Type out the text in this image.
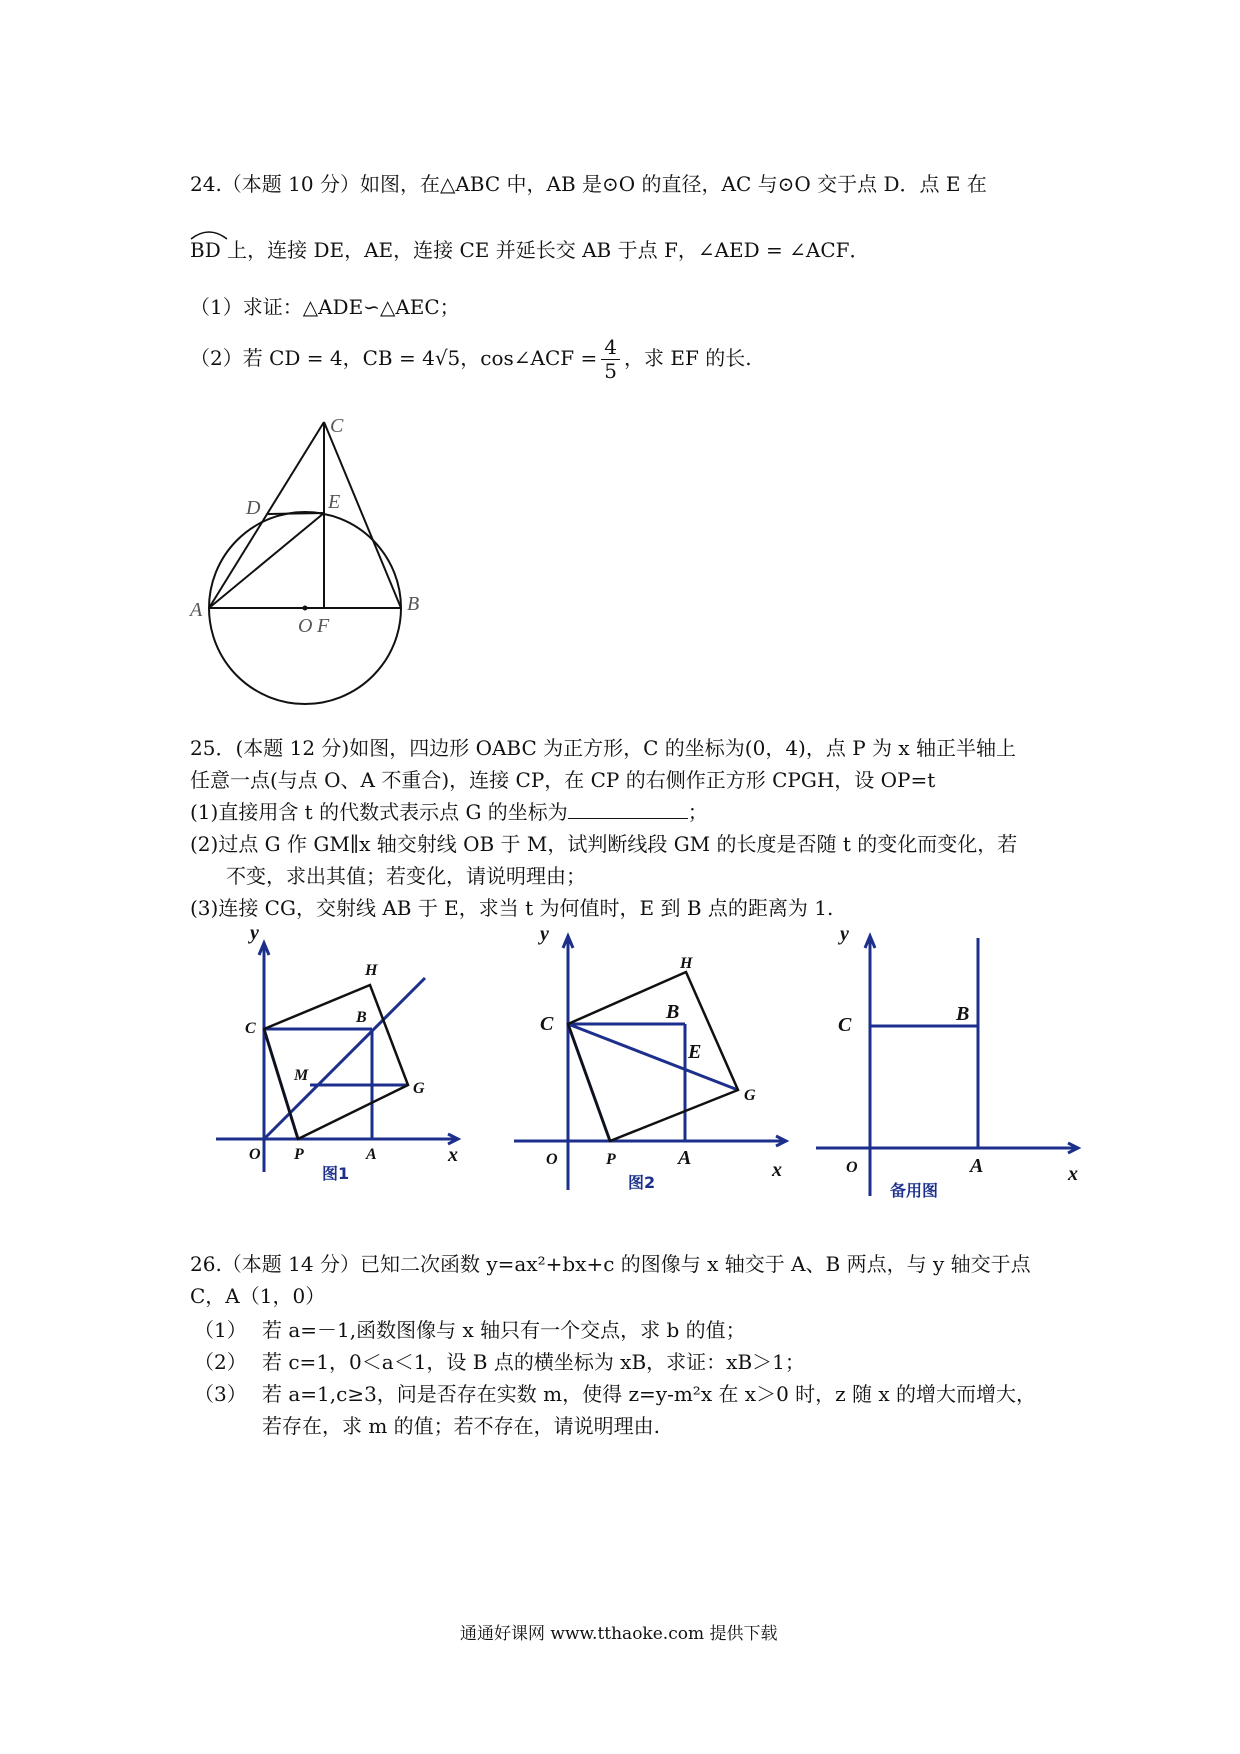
24.（本题 10 分）如图，在△ABC 中，AB 是⊙O 的直径，AC 与⊙O 交于点 D．点 E 在

BD 上，连接 DE，AE，连接 CE 并延长交 AB 于点 F，∠AED = ∠ACF．

（1）求证：△ADE∽△AEC；

（2）若 CD = 4，CB = 4√5，cos∠ACF = $\frac{4}{5}$ ，求 EF 的长.
C
D	E
A	B
O F

25．(本题 12 分)如图，四边形 OABC 为正方形，C 的坐标为(0，4)，点 P 为 x 轴正半轴上

任意一点(与点 O、A 不重合)，连接 CP，在 CP 的右侧作正方形 CPGH，设 OP=t

(1)直接用含 t 的代数式表示点 G 的坐标为	；

(2)过点 G 作 GM∥x 轴交射线 OB 于 M，试判断线段 GM 的长度是否随 t 的变化而变化，若

不变，求出其值；若变化，请说明理由；

(3)连接 CG，交射线 AB 于 E，求当 t 为何值时，E 到 B 点的距离为 1.

y
x
O P	A
C
B
H
M
G
图1
y
x
O	P	A
C
B
H
E
G
图2
y
x
O	A
C	B
备用图

26.（本题 14 分）已知二次函数 y=ax²+bx+c 的图像与 x 轴交于 A、B 两点，与 y 轴交于点

C，A（1，0）

（1） 若 a=－1,函数图像与 x 轴只有一个交点，求 b 的值；

（2） 若 c=1，0＜a＜1，设 B 点的横坐标为 xB，求证：xB＞1；

（3） 若 a=1,c≥3，问是否存在实数 m，使得 z=y-m²x 在 x＞0 时，z 随 x 的增大而增大，

若存在，求 m 的值；若不存在，请说明理由.

通通好课网 www.tthaoke.com 提供下载
